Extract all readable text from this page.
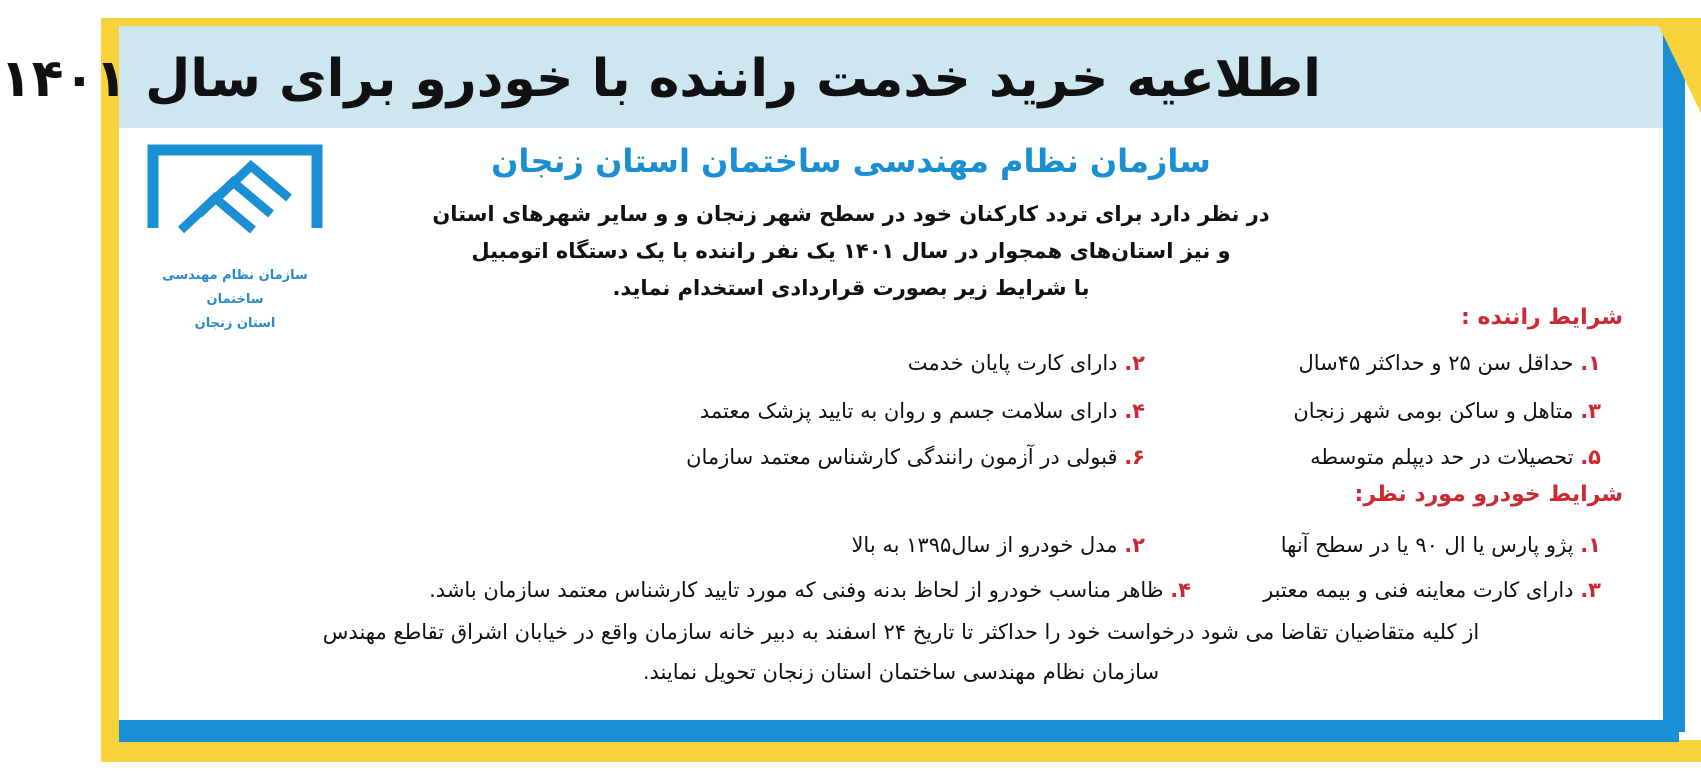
اطلاعیه خرید خدمت راننده با خودرو برای سال ۱۴۰۱
سازمان نظام مهندسی ساختمان
استان زنجان
سازمان نظام مهندسی ساختمان استان زنجان
در نظر دارد برای تردد کارکنان خود در سطح شهر زنجان و و سایر شهرهای استان
و نیز استان‌های همجوار در سال ۱۴۰۱ یک نفر راننده با یک دستگاه اتومبیل
با شرایط زیر بصورت قراردادی استخدام نماید.
شرایط راننده :
۱. حداقل سن ۲۵ و حداکثر ۴۵سال
۲. دارای کارت پایان خدمت
۳. متاهل و ساکن بومی شهر زنجان
۴. دارای سلامت جسم و روان به تایید پزشک معتمد
۵. تحصیلات در حد دیپلم متوسطه
۶. قبولی در آزمون رانندگی کارشناس معتمد سازمان
شرایط خودرو مورد نظر:
۱. پژو پارس یا ال ۹۰ یا در سطح آنها
۲. مدل خودرو از سال۱۳۹۵ به بالا
۳. دارای کارت معاینه فنی و بیمه معتبر
۴. ظاهر مناسب خودرو از لحاظ بدنه وفنی که مورد تایید کارشناس معتمد سازمان باشد.
از کلیه متقاضیان تقاضا می شود درخواست خود را حداکثر تا تاریخ ۲۴ اسفند به دبیر خانه سازمان واقع در خیابان اشراق تقاطع مهندس
سازمان نظام مهندسی ساختمان استان زنجان تحویل نمایند.
